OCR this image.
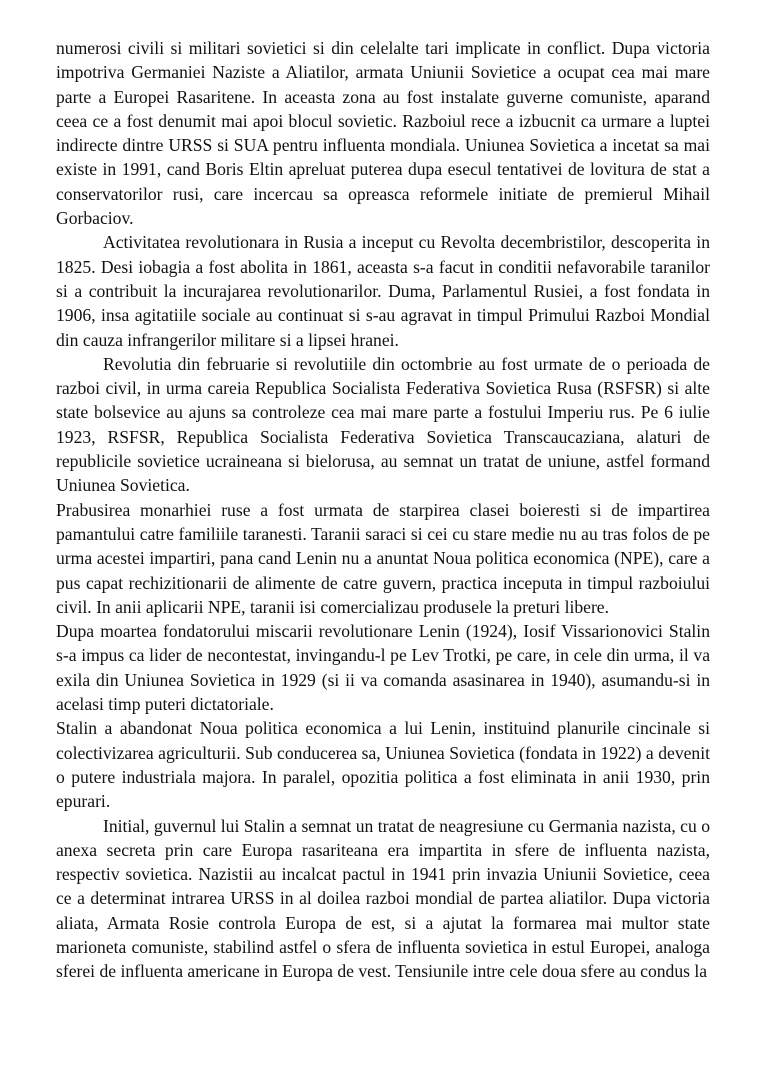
numerosi civili si militari sovietici si din celelalte tari implicate in conflict. Dupa victoria impotriva Germaniei Naziste a Aliatilor, armata Uniunii Sovietice a ocupat cea mai mare parte a Europei Rasaritene. In aceasta zona au fost instalate guverne comuniste, aparand ceea ce a fost denumit mai apoi blocul sovietic. Razboiul rece a izbucnit ca urmare a luptei indirecte dintre URSS si SUA pentru influenta mondiala. Uniunea Sovietica a incetat sa mai existe in 1991, cand Boris Eltin apreluat puterea dupa esecul tentativei de lovitura de stat a conservatorilor rusi, care incercau sa opreasca reformele initiate de premierul Mihail Gorbaciov.

Activitatea revolutionara in Rusia a inceput cu Revolta decembristilor, descoperita in 1825. Desi iobagia a fost abolita in 1861, aceasta s-a facut in conditii nefavorabile taranilor si a contribuit la incurajarea revolutionarilor. Duma, Parlamentul Rusiei, a fost fondata in 1906, insa agitatiile sociale au continuat si s-au agravat in timpul Primului Razboi Mondial din cauza infrangerilor militare si a lipsei hranei.

Revolutia din februarie si revolutiile din octombrie au fost urmate de o perioada de razboi civil, in urma careia Republica Socialista Federativa Sovietica Rusa (RSFSR) si alte state bolsevice au ajuns sa controleze cea mai mare parte a fostului Imperiu rus. Pe 6 iulie 1923, RSFSR, Republica Socialista Federativa Sovietica Transcaucaziana, alaturi de republicile sovietice ucraineana si bielorusa, au semnat un tratat de uniune, astfel formand Uniunea Sovietica.

Prabusirea monarhiei ruse a fost urmata de starpirea clasei boieresti si de impartirea pamantului catre familiile taranesti. Taranii saraci si cei cu stare medie nu au tras folos de pe urma acestei impartiri, pana cand Lenin nu a anuntat Noua politica economica (NPE), care a pus capat rechizitionarii de alimente de catre guvern, practica inceputa in timpul razboiului civil. In anii aplicarii NPE, taranii isi comercializau produsele la preturi libere.

Dupa moartea fondatorului miscarii revolutionare Lenin (1924), Iosif Vissarionovici Stalin s-a impus ca lider de necontestat, invingandu-l pe Lev Trotki, pe care, in cele din urma, il va exila din Uniunea Sovietica in 1929 (si ii va comanda asasinarea in 1940), asumandu-si in acelasi timp puteri dictatoriale.

Stalin a abandonat Noua politica economica a lui Lenin, instituind planurile cincinale si colectivizarea agriculturii. Sub conducerea sa, Uniunea Sovietica (fondata in 1922) a devenit o putere industriala majora. In paralel, opozitia politica a fost eliminata in anii 1930, prin epurari.

Initial, guvernul lui Stalin a semnat un tratat de neagresiune cu Germania nazista, cu o anexa secreta prin care Europa rasariteana era impartita in sfere de influenta nazista, respectiv sovietica. Nazistii au incalcat pactul in 1941 prin invazia Uniunii Sovietice, ceea ce a determinat intrarea URSS in al doilea razboi mondial de partea aliatilor. Dupa victoria aliata, Armata Rosie controla Europa de est, si a ajutat la formarea mai multor state marioneta comuniste, stabilind astfel o sfera de influenta sovietica in estul Europei, analoga sferei de influenta americane in Europa de vest. Tensiunile intre cele doua sfere au condus la
